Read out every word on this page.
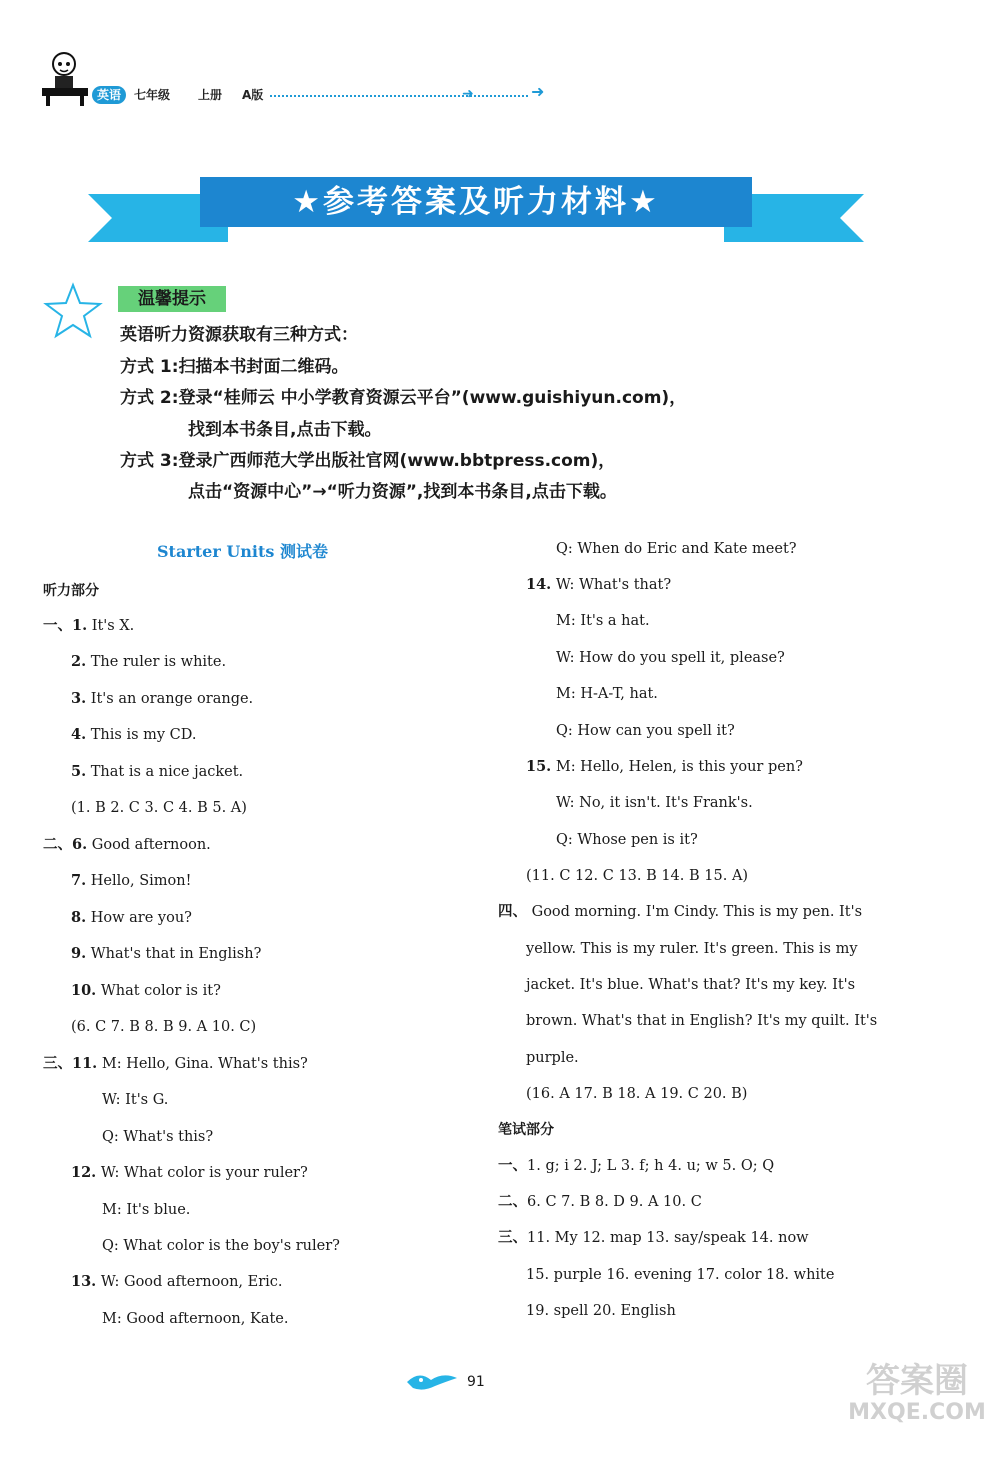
英语	七年级 上册 A版	➜	➜
★参考答案及听力材料★
温馨提示
英语听力资源获取有三种方式：
方式 1:扫描本书封面二维码。
方式 2:登录“桂师云 中小学教育资源云平台”(www.guishiyun.com)，
找到本书条目,点击下载。
方式 3:登录广西师范大学出版社官网(www.bbtpress.com)，
点击“资源中心”→“听力资源”,找到本书条目,点击下载。
Starter Units 测试卷
听力部分
一、1. It's X.
2. The ruler is white.
3. It's an orange orange.
4. This is my CD.
5. That is a nice jacket.
(1. B 2. C 3. C 4. B 5. A)
二、6. Good afternoon.
7. Hello, Simon!
8. How are you?
9. What's that in English?
10. What color is it?
(6. C 7. B 8. B 9. A 10. C)
三、11. M: Hello, Gina. What's this?
W: It's G.
Q: What's this?
12. W: What color is your ruler?
M: It's blue.
Q: What color is the boy's ruler?
13. W: Good afternoon, Eric.
M: Good afternoon, Kate.
Q: When do Eric and Kate meet?
14. W: What's that?
M: It's a hat.
W: How do you spell it, please?
M: H-A-T, hat.
Q: How can you spell it?
15. M: Hello, Helen, is this your pen?
W: No, it isn't. It's Frank's.
Q: Whose pen is it?
(11. C 12. C 13. B 14. B 15. A)
四、 Good morning. I'm Cindy. This is my pen. It's
yellow. This is my ruler. It's green. This is my
jacket. It's blue. What's that? It's my key. It's
brown. What's that in English? It's my quilt. It's
purple.
(16. A 17. B 18. A 19. C 20. B)
笔试部分
一、1. g; i 2. J; L 3. f; h 4. u; w 5. O; Q
二、6. C 7. B 8. D 9. A 10. C
三、11. My 12. map 13. say/speak 14. now
15. purple 16. evening 17. color 18. white
19. spell 20. English
91	答案圈
MXQE.COM
